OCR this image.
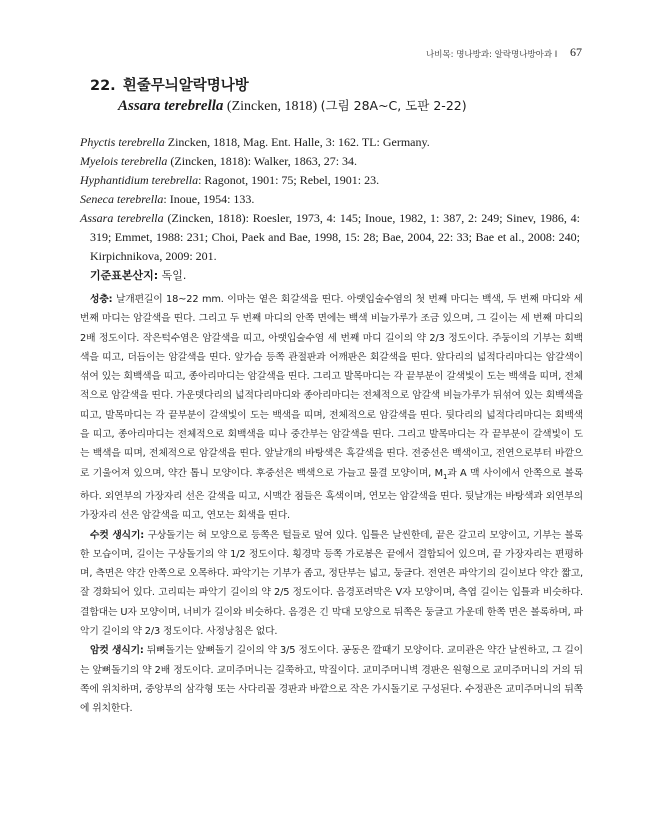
나비목: 명나방과: 알락명나방아과 I 67
22. 흰줄무늬알락명나방
Assara terebrella (Zincken, 1818) (그림 28A~C, 도판 2-22)

Phyctis terebrella Zincken, 1818, Mag. Ent. Halle, 3: 162. TL: Germany.

Myelois terebrella (Zincken, 1818): Walker, 1863, 27: 34.

Hyphantidium terebrella: Ragonot, 1901: 75; Rebel, 1901: 23.

Seneca terebrella: Inoue, 1954: 133.

Assara terebrella (Zincken, 1818): Roesler, 1973, 4: 145; Inoue, 1982, 1: 387, 2: 249; Sinev, 1986, 4: 319; Emmet, 1988: 231; Choi, Paek and Bae, 1998, 15: 28; Bae, 2004, 22: 33; Bae et al., 2008: 240; Kirpichnikova, 2009: 201.

기준표본산지: 독일.

성충: 날개편길이 18~22 mm. 이마는 옅은 회갈색을 띤다. 아랫입술수염의 첫 번째 마디는 백색, 두 번째 마디와 세 번째 마디는 암갈색을 띤다. 그리고 두 번째 마디의 안쪽 면에는 백색 비늘가루가 조금 있으며, 그 길이는 세 번째 마디의 2배 정도이다. 작은턱수염은 암갈색을 띠고, 아랫입술수염 세 번째 마디 길이의 약 2/3 정도이다. 주둥이의 기부는 회백색을 띠고, 더듬이는 암갈색을 띤다. 앞가슴 등쪽 관절판과 어깨판은 회갈색을 띤다. 앞다리의 넓적다리마디는 암갈색이 섞여 있는 회백색을 띠고, 종아리마디는 암갈색을 띤다. 그리고 발목마디는 각 끝부분이 갈색빛이 도는 백색을 띠며, 전체적으로 암갈색을 띤다. 가운뎃다리의 넓적다리마디와 종아리마디는 전체적으로 암갈색 비늘가루가 뒤섞여 있는 회백색을 띠고, 발목마디는 각 끝부분이 갈색빛이 도는 백색을 띠며, 전체적으로 암갈색을 띤다. 뒷다리의 넓적다리마디는 회백색을 띠고, 종아리마디는 전체적으로 회백색을 띠나 중간부는 암갈색을 띤다. 그리고 발목마디는 각 끝부분이 갈색빛이 도는 백색을 띠며, 전체적으로 암갈색을 띤다. 앞날개의 바탕색은 흑갈색을 띤다. 전중선은 백색이고, 전연으로부터 바깥으로 기울어져 있으며, 약간 톱니 모양이다. 후중선은 백색으로 가늘고 물결 모양이며, $M_1$과 A 맥 사이에서 안쪽으로 볼록하다. 외연부의 가장자리 선은 갈색을 띠고, 시맥간 점들은 흑색이며, 연모는 암갈색을 띤다. 뒷날개는 바탕색과 외연부의 가장자리 선은 암갈색을 띠고, 연모는 회색을 띤다.

수컷 생식기: 구상돌기는 혀 모양으로 등쪽은 털들로 덮여 있다. 입틀은 날씬한데, 끝은 갈고리 모양이고, 기부는 볼록한 모습이며, 길이는 구상돌기의 약 1/2 정도이다. 횡경막 등쪽 가로봉은 끝에서 결합되어 있으며, 끝 가장자리는 편평하며, 측면은 약간 안쪽으로 오목하다. 파악기는 기부가 좁고, 정단부는 넓고, 둥글다. 전연은 파악기의 길이보다 약간 짧고, 잘 경화되어 있다. 고리띠는 파악기 길이의 약 2/5 정도이다. 음경포려막은 V자 모양이며, 측엽 길이는 입틀과 비슷하다. 결합대는 U자 모양이며, 너비가 길이와 비슷하다. 음경은 긴 막대 모양으로 뒤쪽은 둥글고 가운데 한쪽 면은 볼록하며, 파악기 길이의 약 2/3 정도이다. 사정낭침은 없다.

암컷 생식기: 뒤뼈돌기는 앞뼈돌기 길이의 약 3/5 정도이다. 공동은 깔때기 모양이다. 교미관은 약간 날씬하고, 그 길이는 앞뼈돌기의 약 2배 정도이다. 교미주머니는 길쭉하고, 막질이다. 교미주머니벽 경판은 원형으로 교미주머니의 거의 뒤쪽에 위치하며, 중앙부의 삼각형 또는 사다리꼴 경판과 바깥으로 작은 가시돌기로 구성된다. 수정관은 교미주머니의 뒤쪽에 위치한다.
